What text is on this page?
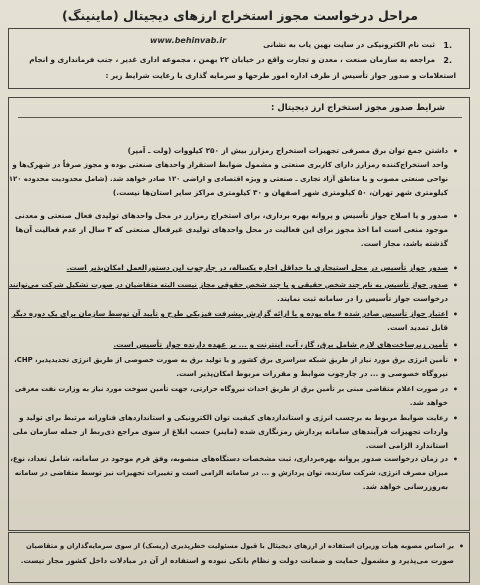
مراحل درخواست مجوز استخراج ارزهای دیجیتال (ماینینگ)
1.
ثبت نام الکترونیکی در سایت بهین یاب به نشانی
www.behinvab.ir
2.
مراجعه به سازمان صنعت ، معدن و تجارت واقع در خیابان ۲۲ بهمن ، مجموعه اداری غدیر ، جنب فرمانداری و انجام
استعلامات و صدور جواز تأسیس از طرف اداره امور طرحها و سرمایه گذاری با رعایت شرایط زیر :
شرایط صدور مجوز استخراج ارز دیجیتال :
•
داشتن جمع توان برق مصرفی تجهیزات استخراج رمزارز بیش از ۲۵۰ کیلووات (ولت ـ آمپر)
واحد استخراج‌کننده رمزارز دارای کاربری صنعتی و مشمول ضوابط استقرار واحدهای صنعتی بوده و مجوز صرفاً در شهرک‌ها و
نواحی صنعتی مصوب و یا مناطق آزاد تجاری ـ صنعتی و ویژه اقتصادی و اراضی ۱۲۰ صادر خواهد شد. (شامل محدودیت محدوده ۱۲۰
کیلومتری شهر تهران، ۵۰ کیلومتری شهر اصفهان و ۳۰ کیلومتری مراکز سایر استان‌ها نیست.)
•
صدور و یا اصلاح جواز تأسیس و پروانه بهره برداری، برای استخراج رمزارز در محل واحدهای تولیدی فعال صنعتی و معدنی
موجود منعی است اما اخذ مجوز برای این فعالیت در محل واحدهای تولیدی غیرفعال صنعتی که ۳ سال از عدم فعالیت آن‌ها
گذشته باشد، مجاز است.
•
صدور جواز تأسیس در محل استیجاری با حداقل اجاره یکساله، در چارچوب این دستورالعمل امکان‌پذیر است.
•
صدور جواز تأسیس به نام چند شخص حقیقی و یا چند شخص حقوقی مجاز نیست البته متقاضیان در صورت تشکیل شرکت می‌توانند
درخواست جواز تأسیس را در سامانه ثبت نمایند.
•
اعتبار جواز تأسیس صادر شده ۶ ماه بوده و با ارائه گزارش پیشرفت فیزیکی طرح و تأیید آن توسط سازمان برای یک دوره دیگر
قابل تمدید است.
•
تأمین زیرساخت‌های لازم شامل برق، گاز، آب، اینترنت و ... بر عهده دارنده جواز تأسیس است.
•
تأمین انرژی برق مورد نیاز از طریق شبکه سراسری برق کشور و یا تولید برق به صورت خصوصی از طریق انرژی تجدیدپذیر، CHP،
نیروگاه خصوصی و ... در چارچوب ضوابط و مقررات مربوط امکان‌پذیر است.
•
در صورت اعلام متقاضی مبنی بر تأمین برق از طریق احداث نیروگاه حرارتی، جهت تأمین سوخت مورد نیاز به وزارت نفت معرفی
خواهد شد.
•
رعایت ضوابط مربوط به برچسب انرژی و استانداردهای کیفیت توان الکترونیکی و استانداردهای فناورانه مرتبط برای تولید و
واردات تجهیزات فرآیندهای سامانه پردازش رمزنگاری شده (ماینر) حسب ابلاغ از سوی مراجع ذی‌ربط از جمله سازمان ملی
استاندارد الزامی است.
•
در زمان درخواست صدور پروانه بهره‌برداری، ثبت مشخصات دستگاه‌های منصوبه، وفق فرم موجود در سامانه، شامل تعداد، نوع،
میزان مصرف انرژی، شرکت سازنده، توان پردازش و ... در سامانه الزامی است و تغییرات تجهیزات نیز توسط متقاضی در سامانه
به‌روزرسانی خواهد شد.
•
بر اساس مصوبه هیأت وزیران استفاده از ارزهای دیجیتال با قبول مسئولیت خطرپذیری (ریسک) از سوی سرمایه‌گذاران و متقاضیان
صورت می‌پذیرد و مشمول حمایت و ضمانت دولت و نظام بانکی نبوده و استفاده از آن در مبادلات داخل کشور مجاز نیست.
